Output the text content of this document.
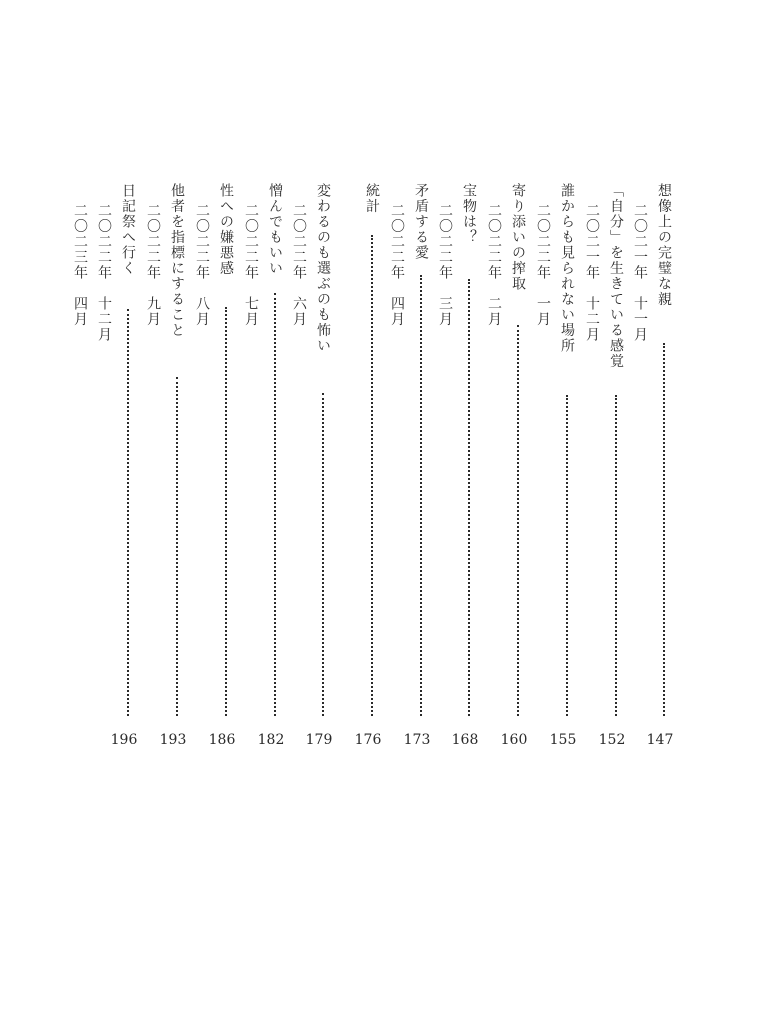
想像上の完璧な親
二〇二一年　十一月
147
「自分」を生きている感覚
二〇二一年　十二月
152
誰からも見られない場所
二〇二二年　一月
155
寄り添いの搾取
二〇二二年　二月
160
宝物は？
二〇二二年　三月
168
矛盾する愛
二〇二二年　四月
173
統計
176
変わるのも選ぶのも怖い
二〇二二年　六月
179
憎んでもいい
二〇二二年　七月
182
性への嫌悪感
二〇二二年　八月
186
他者を指標にすること
二〇二二年　九月
193
日記祭へ行く
二〇二二年　十二月
196
二〇二三年　四月
